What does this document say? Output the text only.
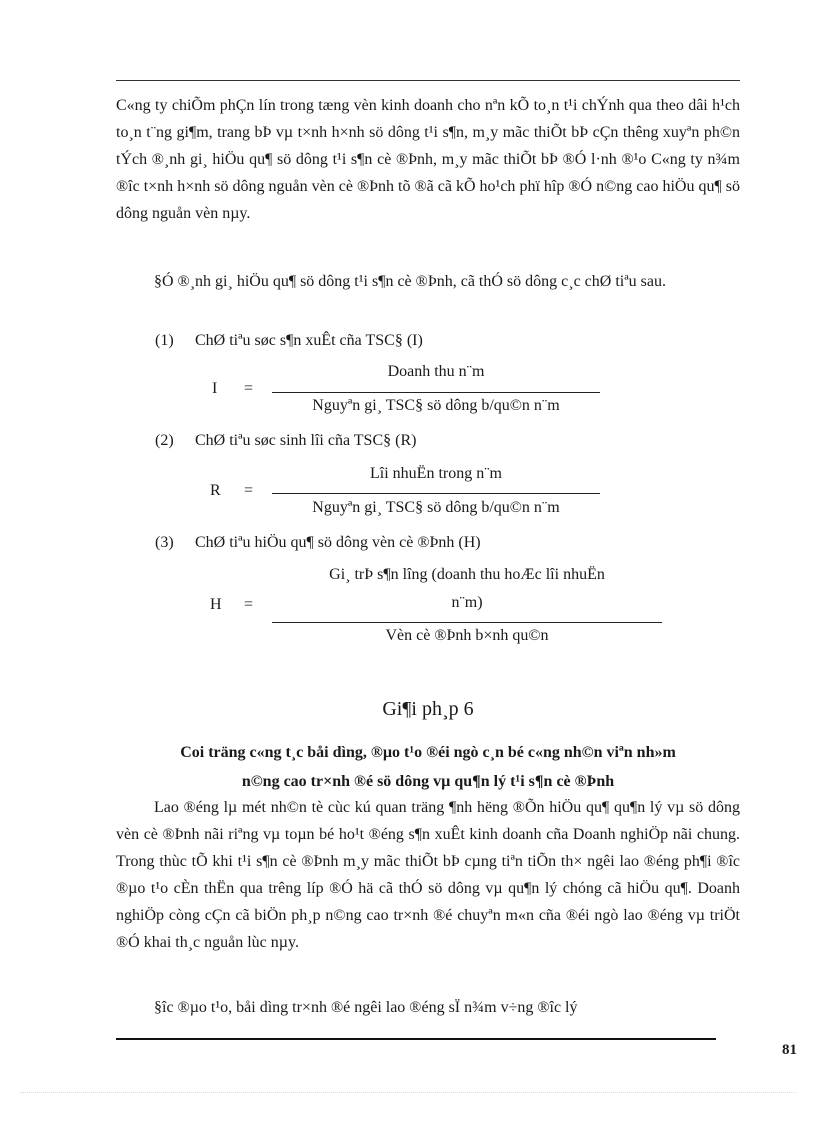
C«ng ty chiÕm phÇn lín trong tæng vèn kinh doanh cho nªn kÕ to¸n t¹i chÝnh qua theo dâi h¹ch to¸n t¨ng gi¶m, trang bÞ vµ t×nh h×nh sö dông t¹i s¶n, m¸y mãc thiÕt bÞ cÇn thêng xuyªn ph©n tÝch ®¸nh gi¸ hiÖu qu¶ sö dông t¹i s¶n cè ®Þnh, m¸y mãc thiÕt bÞ ®Ó l·nh ®¹o C«ng ty n¾m ®îc t×nh h×nh sö dông nguån vèn cè ®Þnh tõ ®ã cã kÕ ho¹ch phï hîp ®Ó n©ng cao hiÖu qu¶ sö dông nguån vèn nµy.

§Ó ®¸nh gi¸ hiÖu qu¶ sö dông t¹i s¶n cè ®Þnh, cã thÓ sö dông c¸c chØ tiªu sau.

(1) ChØ tiªu søc s¶n xuÊt cña TSC§ (I)
I =
Doanh thu n¨m
Nguyªn gi¸ TSC§ sö dông b/qu©n n¨m
(2) ChØ tiªu søc sinh lîi cña TSC§ (R)
R =
Lîi nhuËn trong n¨m
Nguyªn gi¸ TSC§ sö dông b/qu©n n¨m
(3) ChØ tiªu hiÖu qu¶ sö dông vèn cè ®Þnh (H)
H =
Gi¸ trÞ s¶n lîng (doanh thu hoÆc lîi nhuËn
n¨m)
Vèn cè ®Þnh b×nh qu©n
Gi¶i ph¸p 6
Coi träng c«ng t¸c båi dìng, ®µo t¹o ®éi ngò c¸n bé c«ng nh©n viªn nh»m
n©ng cao tr×nh ®é sö dông vµ qu¶n lý t¹i s¶n cè ®Þnh

Lao ®éng lµ mét nh©n tè cùc kú quan träng ¶nh hëng ®Õn hiÖu qu¶ qu¶n lý vµ sö dông vèn cè ®Þnh nãi riªng vµ toµn bé ho¹t ®éng s¶n xuÊt kinh doanh cña Doanh nghiÖp nãi chung. Trong thùc tÕ khi t¹i s¶n cè ®Þnh m¸y mãc thiÕt bÞ cµng tiªn tiÕn th× ngêi lao ®éng ph¶i ®îc ®µo t¹o cÈn thËn qua trêng líp ®Ó hä cã thÓ sö dông vµ qu¶n lý chóng cã hiÖu qu¶. Doanh nghiÖp còng cÇn cã biÖn ph¸p n©ng cao tr×nh ®é chuyªn m«n cña ®éi ngò lao ®éng vµ triÖt ®Ó khai th¸c nguån lùc nµy.

§îc ®µo t¹o, båi dìng tr×nh ®é ngêi lao ®éng sÏ n¾m v÷ng ®îc lý

81
